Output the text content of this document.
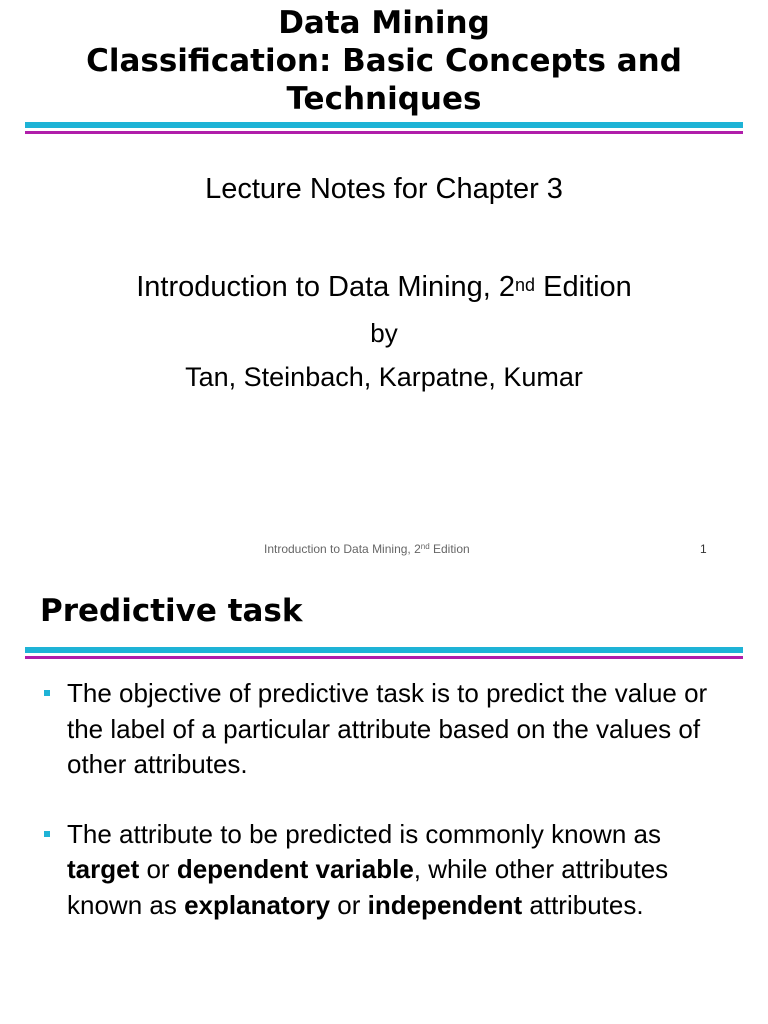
Data Mining
Classification: Basic Concepts and
Techniques
Lecture Notes for Chapter 3
Introduction to Data Mining, 2nd Edition
by
Tan, Steinbach, Karpatne, Kumar
Introduction to Data Mining, 2nd Edition	1
Predictive task
The objective of predictive task is to predict the value or the label of a particular attribute based on the values of other attributes.
The attribute to be predicted is commonly known as target or dependent variable, while other attributes known as explanatory or independent attributes.
